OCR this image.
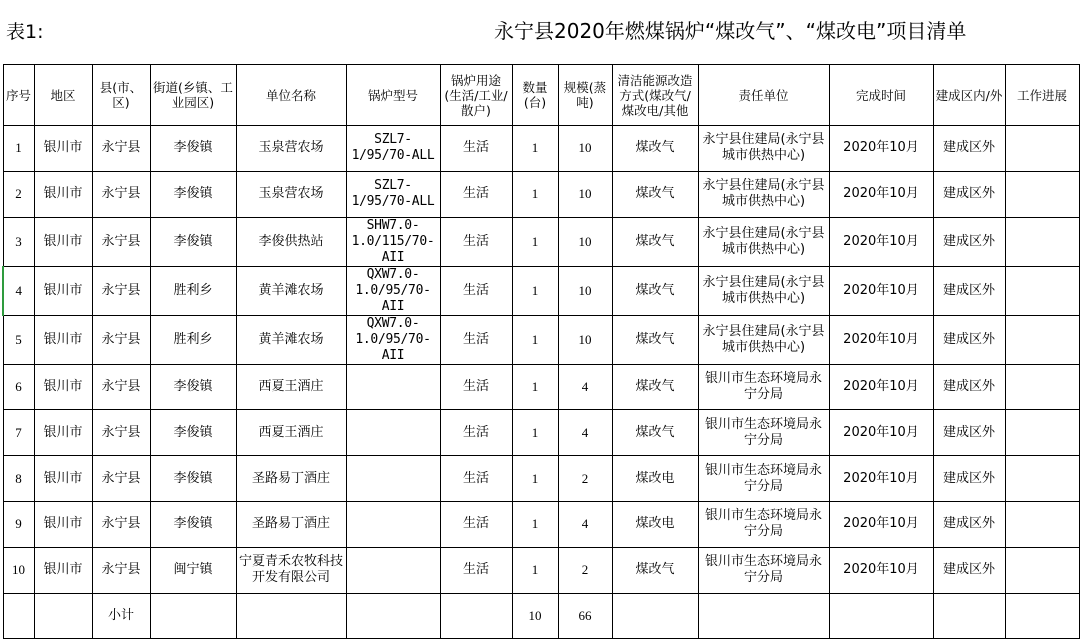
表1:	永宁县2020年燃煤锅炉“煤改气”、“煤改电”项目清单
序号	地区	县(市、区)	街道(乡镇、工业园区)	单位名称	锅炉型号	锅炉用途(生活/工业/散户)	数量(台)	规模(蒸吨)	清洁能源改造方式(煤改气/煤改电/其他	责任单位	完成时间	建成区内/外	工作进展
1	银川市	永宁县	李俊镇	玉泉营农场	SZL7-1/95/70-ALL	生活	1	10	煤改气	永宁县住建局(永宁县城市供热中心)	2020年10月	建成区外	
2	银川市	永宁县	李俊镇	玉泉营农场	SZL7-1/95/70-ALL	生活	1	10	煤改气	永宁县住建局(永宁县城市供热中心)	2020年10月	建成区外	
3	银川市	永宁县	李俊镇	李俊供热站	SHW7.0-1.0/115/70-AII	生活	1	10	煤改气	永宁县住建局(永宁县城市供热中心)	2020年10月	建成区外	
4	银川市	永宁县	胜利乡	黄羊滩农场	QXW7.0-1.0/95/70-AII	生活	1	10	煤改气	永宁县住建局(永宁县城市供热中心)	2020年10月	建成区外	
5	银川市	永宁县	胜利乡	黄羊滩农场	QXW7.0-1.0/95/70-AII	生活	1	10	煤改气	永宁县住建局(永宁县城市供热中心)	2020年10月	建成区外	
6	银川市	永宁县	李俊镇	西夏王酒庄		生活	1	4	煤改气	银川市生态环境局永宁分局	2020年10月	建成区外	
7	银川市	永宁县	李俊镇	西夏王酒庄		生活	1	4	煤改气	银川市生态环境局永宁分局	2020年10月	建成区外	
8	银川市	永宁县	李俊镇	圣路易丁酒庄		生活	1	2	煤改电	银川市生态环境局永宁分局	2020年10月	建成区外	
9	银川市	永宁县	李俊镇	圣路易丁酒庄		生活	1	4	煤改电	银川市生态环境局永宁分局	2020年10月	建成区外	
10	银川市	永宁县	闽宁镇	宁夏青禾农牧科技开发有限公司		生活	1	2	煤改气	银川市生态环境局永宁分局	2020年10月	建成区外	
		小计					10	66					
